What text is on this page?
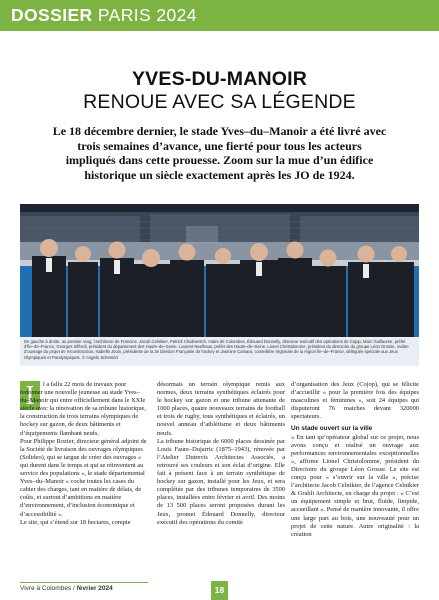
DOSSIER PARIS 2024
YVES-DU-MANOIR
RENOUE AVEC SA LÉGENDE
Le 18 décembre dernier, le stade Yves–du–Manoir a été livré avec trois semaines d’avance, une fierté pour tous les acteurs impliqués dans cette prouesse. Zoom sur la mue d’un édifice historique un siècle exactement après les JO de 1924.
De gauche à droite, au premier rang, l’architecte de Francine, Jacob Celnikier, Patrick Chalineritch, maire de Colombes, Édouard Donnelly, directeur exécutif des opérations de Cojop, Marc Guillaume, préfet d’Île–de–France, Georges Siffredi, président du département des Hauts–de–Seine, Laurent Neelhaus, préfet des Hauts–de–Seine, Lionel Christolomme, président du directoire du groupe Léon Grosse, maître d’ouvrage du projet de reconstruction, Isabelle Jouin, présidente de la 3e Division Française de hockey et Jasmine Camara, conseillère régionale de la région Île–de–France, déléguée spéciale aux Jeux Olympiques et Paralympiques. © Angelo Schembri
I	l a fallu 22 mois de travaux pour redonner une nouvelle jeunesse au stade Yves–du–Manoir qui entre officiellement dans le XXIe siècle avec la rénovation de sa tribune historique, la construction de trois terrains olympiques de hockey sur gazon, de deux bâtiments et d’équipements flambant neufs.

Pour Philippe Rozier, directeur général adjoint de la Société de livraison des ouvrages olympiques (Solideo), qui se targue de créer des ouvrages « qui durent dans le temps et qui se réinventent au service des populations », le stade départemental Yves–du–Manoir « coche toutes les cases du cahier des charges, tant en matière de délais, de coûts, et surtout d’ambitions en matière d’environnement, d’inclusion économique et d’accessibilité ».

Le site, qui s’étend sur 18 hectares, compte

désormais un terrain olympique remis aux normes, deux terrains synthétiques éclairés pour le hockey sur gazon et une tribune attenante de 1000 places, quatre nouveaux terrains de football et trois de rugby, tous synthétiques et éclairés, un nouvel anneau d’athlétisme et deux bâtiments neufs.

La tribune historique de 6000 places dessinée par Louis Faure–Dujarric (1875–1943), rénovée par l’Atelier Dutrevis Architectes Associés, a retrouvé ses couleurs et son éclat d’origine. Elle fait à présent face à un terrain synthétique de hockey sur gazon, installé pour les Jeux, et sera complétée par des tribunes temporaires de 3500 places, installées entre février et avril. Des moins de 13 500 places seront proposées durant les Jeux, promet Édouard Donnelly, directeur exécutif des opérations du comité

d’organisation des Jeux (Cojop), qui se félicite d’accueillir « pour la première fois des équipes masculines et féminines », soit 24 équipes qui disputeront 76 matches devant 320000 spectateurs.

Un stade ouvert sur la ville

« En tant qu’opérateur global sur ce projet, nous avons conçu et réalisé un ouvrage aux performances environnementales exceptionnelles », affirme Lionel Christolomme, président du Directoire du groupe Léon Grosse. Le site est conçu pour « s’ouvrir sur la ville », précise l’architecte Jacob Celnikier, de l’agence Celnikier & Grabli Architecte, en charge du projet : « C’est un équipement simple et brut, fluide, limpide, accueillant ». Pensé de manière innovante, il offre une large part au bois, une nouveauté pour un projet de cette nature. Autre originalité : la création

Vivre à Colombes / février 2024	18
